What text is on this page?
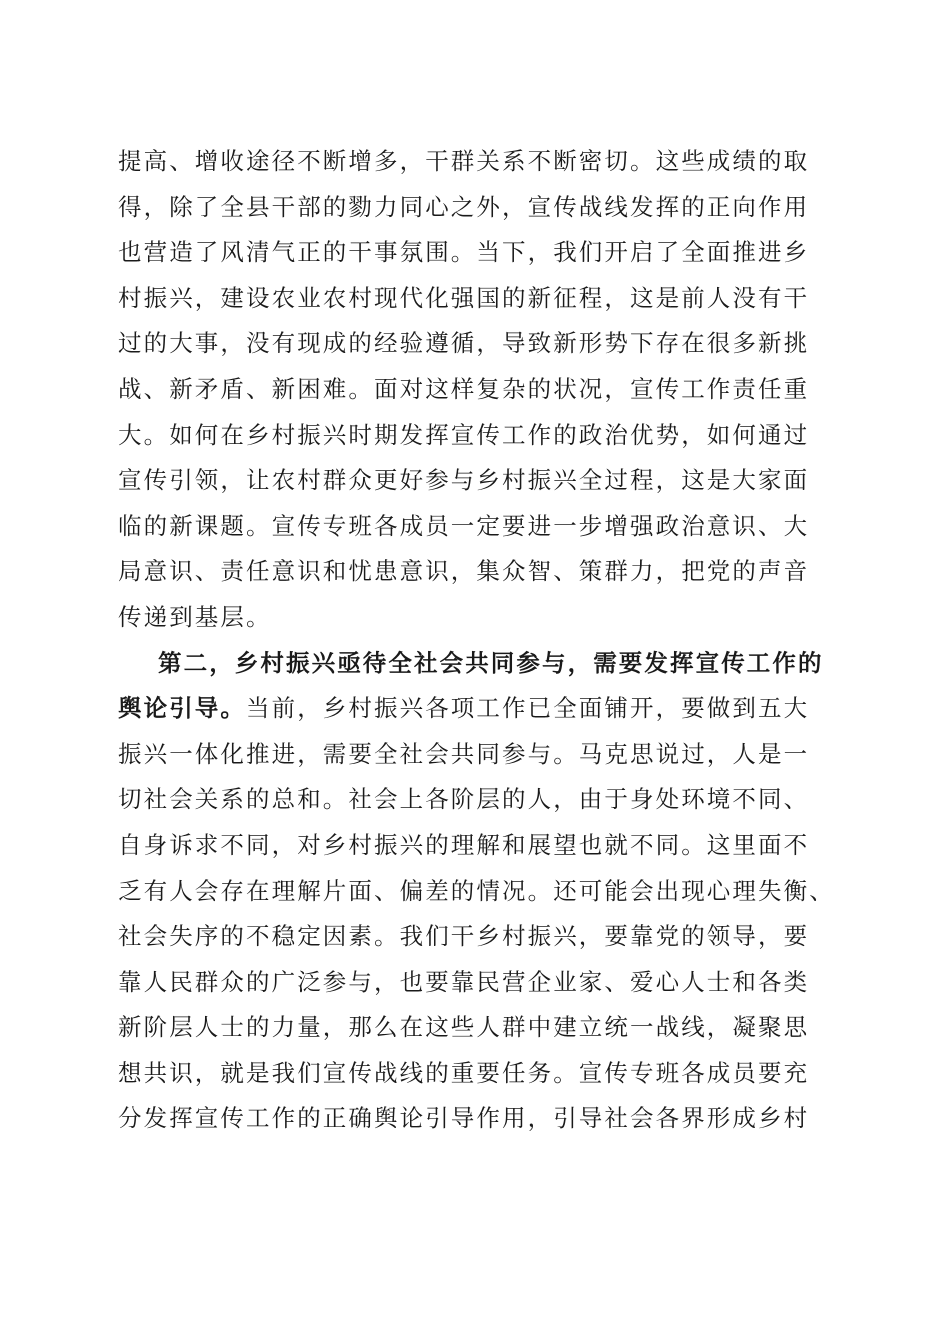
提高、增收途径不断增多，干群关系不断密切。这些成绩的取
得，除了全县干部的勠力同心之外，宣传战线发挥的正向作用
也营造了风清气正的干事氛围。当下，我们开启了全面推进乡
村振兴，建设农业农村现代化强国的新征程，这是前人没有干
过的大事，没有现成的经验遵循，导致新形势下存在很多新挑
战、新矛盾、新困难。面对这样复杂的状况，宣传工作责任重
大。如何在乡村振兴时期发挥宣传工作的政治优势，如何通过
宣传引领，让农村群众更好参与乡村振兴全过程，这是大家面
临的新课题。宣传专班各成员一定要进一步增强政治意识、大
局意识、责任意识和忧患意识，集众智、策群力，把党的声音
传递到基层。
第二，乡村振兴亟待全社会共同参与，需要发挥宣传工作的
舆论引导。当前，乡村振兴各项工作已全面铺开，要做到五大
振兴一体化推进，需要全社会共同参与。马克思说过，人是一
切社会关系的总和。社会上各阶层的人，由于身处环境不同、
自身诉求不同，对乡村振兴的理解和展望也就不同。这里面不
乏有人会存在理解片面、偏差的情况。还可能会出现心理失衡、
社会失序的不稳定因素。我们干乡村振兴，要靠党的领导，要
靠人民群众的广泛参与，也要靠民营企业家、爱心人士和各类
新阶层人士的力量，那么在这些人群中建立统一战线，凝聚思
想共识，就是我们宣传战线的重要任务。宣传专班各成员要充
分发挥宣传工作的正确舆论引导作用，引导社会各界形成乡村
